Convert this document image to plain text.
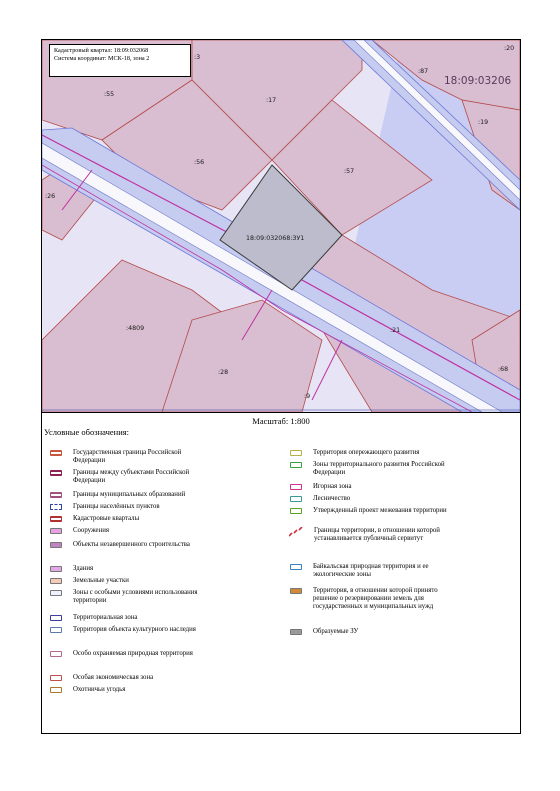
:3
:20
:87
18:09:03206
:55
:17
:19
:56
:57
:26
18:09:032068:ЗУ1
:4809	:21
:28	:68
:9
Кадастровый квартал: 18:09:032068
Система координат: МСК-18, зона 2
Масштаб: 1:800
Условные обозначения:
Государственная граница Российской Федерации
Границы между субъектами Российской Федерации
Границы муниципальных образований
Границы населённых пунктов
Кадастровые кварталы
Сооружения
Объекты незавершенного строительства
Здания
Земельные участки
Зоны с особыми условиями использования территории
Территориальная зона
Территория объекта культурного наследия
Особо охраняемая природная территория
Особая экономическая зона
Охотничьи угодья
Территория опережающего развития
Зоны территориального развития Российской Федерации
Игорная зона
Лесничество
Утвержденный проект межевания территории
Границы территории, в отношении которой устанавливается публичный сервитут
Байкальская природная территория и ее экологические зоны
Территория, в отношении которой принято решение о резервировании земель для государственных и муниципальных нужд
Образуемые ЗУ
